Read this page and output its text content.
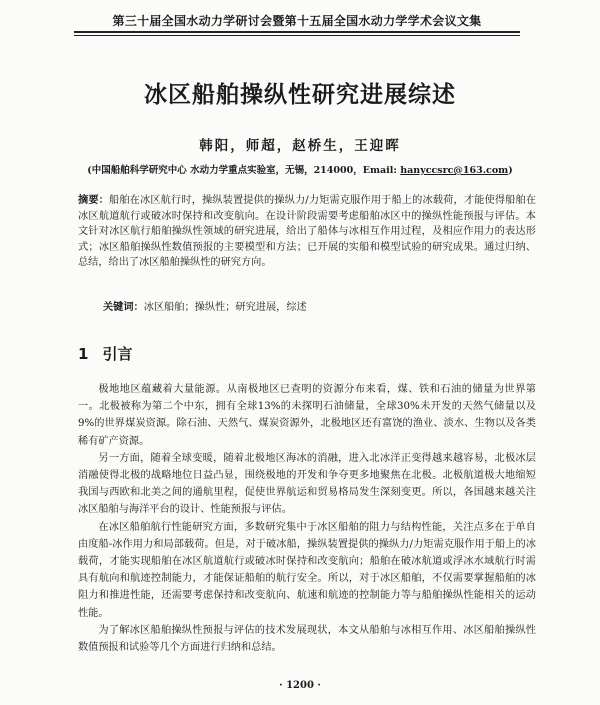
第三十届全国水动力学研讨会暨第十五届全国水动力学学术会议文集
冰区船舶操纵性研究进展综述
韩阳，师超，赵桥生，王迎晖
(中国船舶科学研究中心 水动力学重点实验室，无锡，214000，Email: hanyccsrc@163.com)
摘要：船舶在冰区航行时，操纵装置提供的操纵力/力矩需克服作用于船上的冰载荷，才能使得船舶在冰区航道航行或破冰时保持和改变航向。在设计阶段需要考虑船舶冰区中的操纵性能预报与评估。本文针对冰区航行船舶操纵性领域的研究进展，给出了船体与冰相互作用过程，及相应作用力的表达形式；冰区船舶操纵性数值预报的主要模型和方法；已开展的实船和模型试验的研究成果。通过归纳、总结，给出了冰区船舶操纵性的研究方向。
关键词：冰区船舶；操纵性；研究进展，综述
1 引言

极地地区蕴藏着大量能源。从南极地区已查明的资源分布来看，煤、铁和石油的储量为世界第一。北极被称为第二个中东，拥有全球13%的未探明石油储量，全球30%未开发的天然气储量以及9%的世界煤炭资源。除石油、天然气、煤炭资源外，北极地区还有富饶的渔业、淡水、生物以及各类稀有矿产资源。

另一方面，随着全球变暖，随着北极地区海冰的消融，进入北冰洋正变得越来越容易，北极冰层消融使得北极的战略地位日益凸显，围绕极地的开发和争夺更多地聚焦在北极。北极航道极大地缩短我国与西欧和北美之间的通航里程，促使世界航运和贸易格局发生深刻变更。所以，各国越来越关注冰区船舶与海洋平台的设计、性能预报与评估。

在冰区船舶航行性能研究方面，多数研究集中于冰区船舶的阻力与结构性能，关注点多在于单自由度船-冰作用力和局部载荷。但是，对于破冰船，操纵装置提供的操纵力/力矩需克服作用于船上的冰载荷，才能实现船舶在冰区航道航行或破冰时保持和改变航向；船舶在破冰航道或浮冰水域航行时需具有航向和航迹控制能力，才能保证船舶的航行安全。所以，对于冰区船舶，不仅需要掌握船舶的冰阻力和推进性能，还需要考虑保持和改变航向、航速和航迹的控制能力等与船舶操纵性能相关的运动性能。

为了解冰区船舶操纵性预报与评估的技术发展现状，本文从船舶与冰相互作用、冰区船舶操纵性数值预报和试验等几个方面进行归纳和总结。

· 1200 ·
